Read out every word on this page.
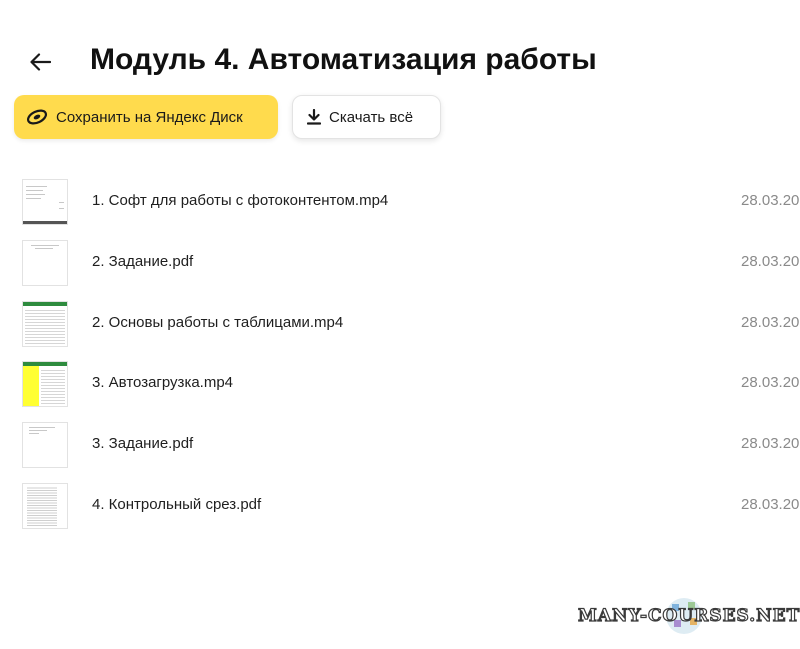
Модуль 4. Автоматизация работы
Сохранить на Яндекс Диск	Скачать всё
1. Софт для работы с фотоконтентом.mp4	28.03.20
2. Задание.pdf	28.03.20
2. Основы работы с таблицами.mp4	28.03.20
3. Автозагрузка.mp4	28.03.20
3. Задание.pdf	28.03.20
4. Контрольный срез.pdf	28.03.20
MANY-COURSES.NET
